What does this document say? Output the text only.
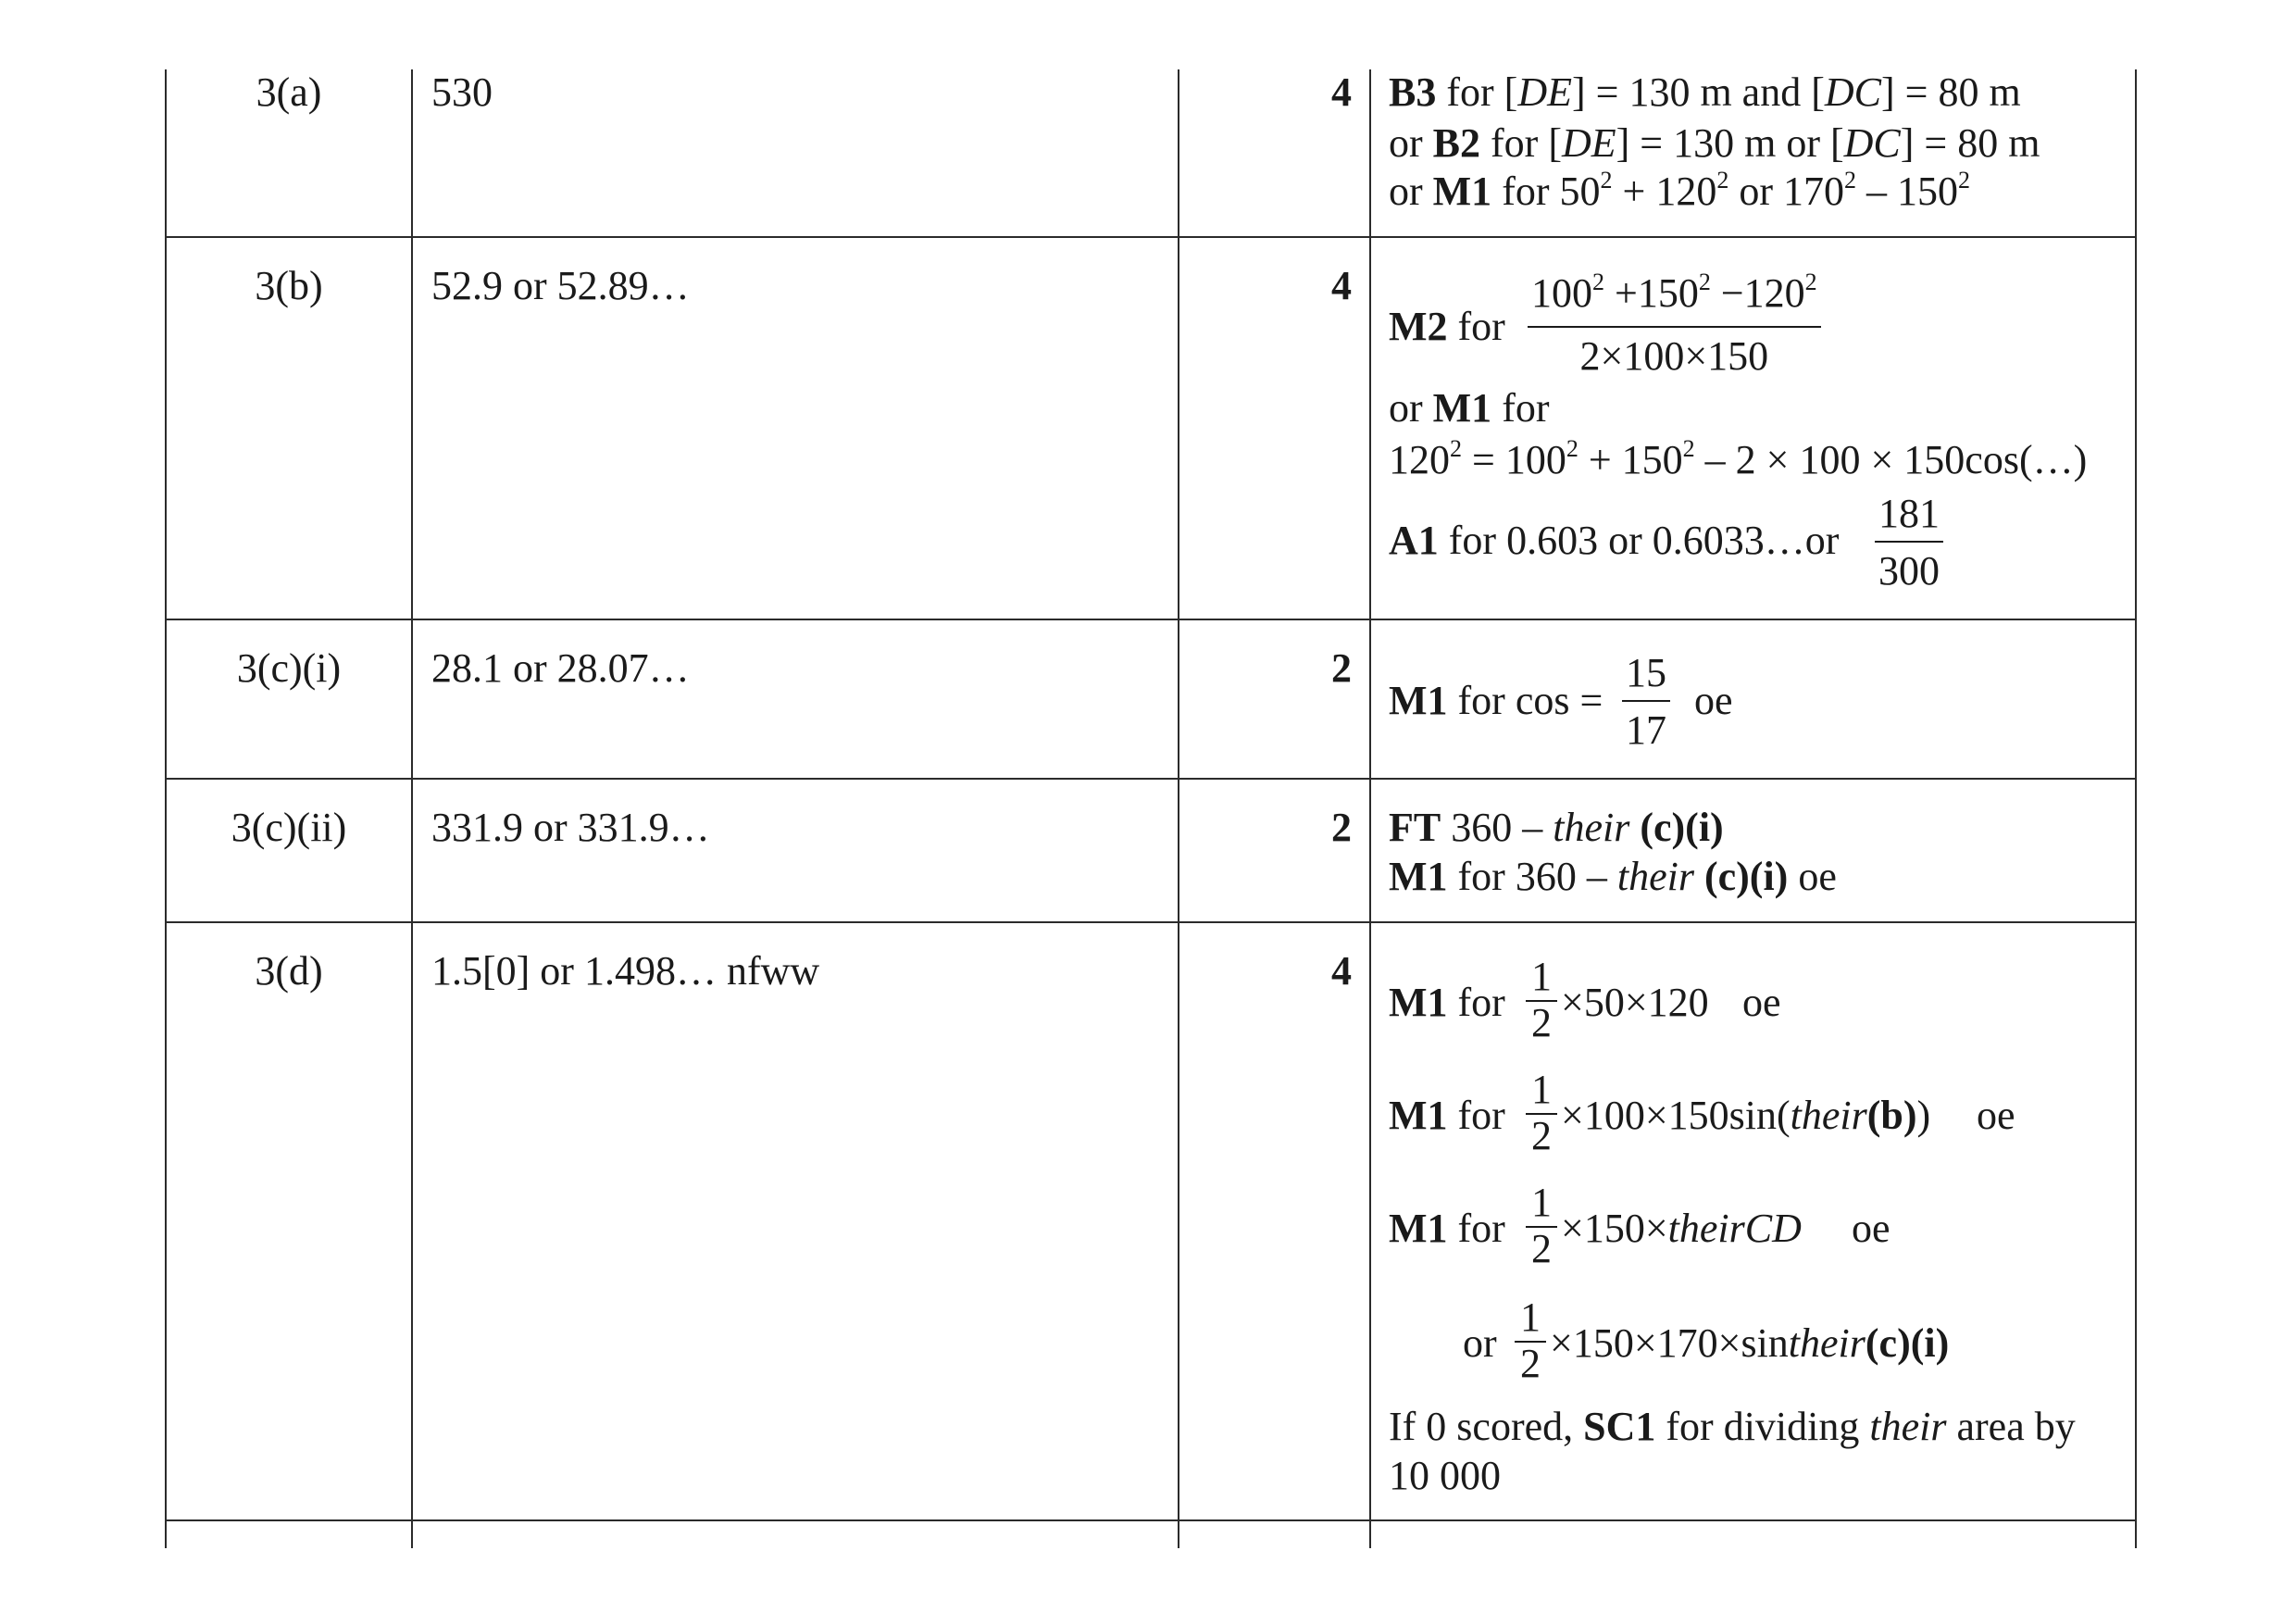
3(a)	530	4 B3 for [DE] = 130 m and [DC] = 80 m
or B2 for [DE] = 130 m or [DC] = 80 m
or M1 for $50^2 + 120^2$ or $170^2 - 150^2$
3(b)	52.9 or 52.89…	4
M2 for $\frac{100^2 +150^2 -120^2}{2\times 100\times 150}$
or M1 for
$120^2 = 100^2 + 150^2 - 2 \times 100$ × 150cos(…)
A1 for 0.603 or 0.6033…or $\frac{181}{300}$
3(c)(i)	28.1 or 28.07…	2
M1 for $\cos = \frac{15}{17}$ oe
3(c)(ii)	331.9 or 331.9…	2 FT 360 – their (c)(i)
M1 for 360 – their (c)(i) oe
3(d)	1.5[0] or 1.498… nfww	4
M1 for $\frac{1}{2} \times 50\times 120$ oe
M1 for $\frac{1}{2}$ ×100×150sin(their(b)) oe
M1 for $\frac{1}{2}$ ×150×theirCD oe
or $\frac{1}{2}$ ×150×170×sintheir(c)(i)
If 0 scored, SC1 for dividing their area by
10 000
